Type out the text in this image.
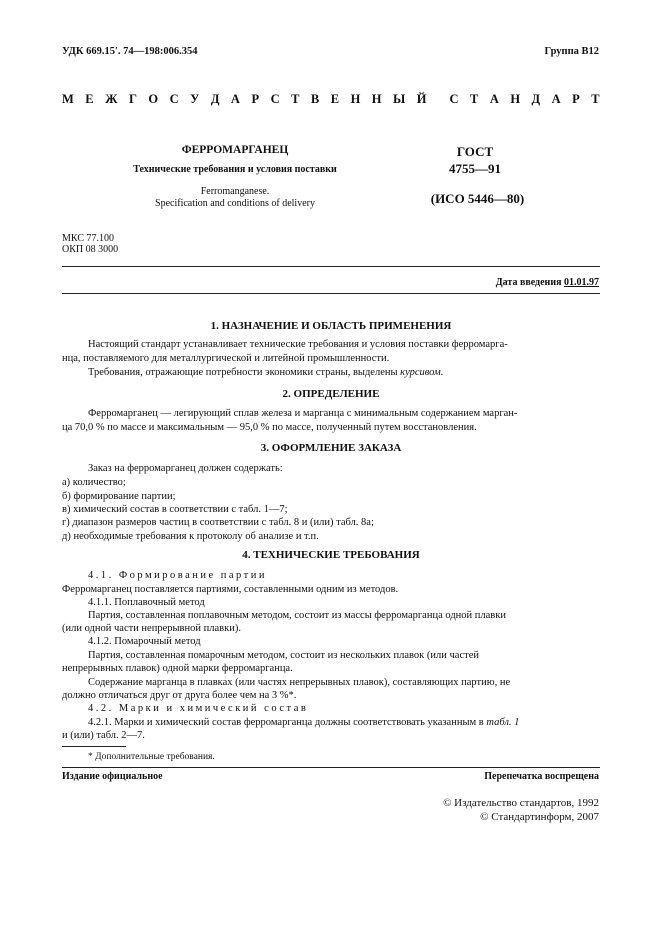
УДК 669.15′. 74—198:006.354	Группа В12
М Е Ж Г О С У Д А Р С Т В Е Н Н Ы Й С Т А Н Д А Р Т
ФЕРРОМАРГАНЕЦ
Технические требования и условия поставки
Ferromanganese.
Specification and conditions of delivery
ГОСТ
4755—91
(ИСО 5446—80)
МКС 77.100
ОКП 08 3000
Дата введения 01.01.97
1. НАЗНАЧЕНИЕ И ОБЛАСТЬ ПРИМЕНЕНИЯ
Настоящий стандарт устанавливает технические требования и условия поставки ферромарга-
нца, поставляемого для металлургической и литейной промышленности.
Требования, отражающие потребности экономики страны, выделены курсивом.
2. ОПРЕДЕЛЕНИЕ
Ферромарганец — легирующий сплав железа и марганца с минимальным содержанием марган-
ца 70,0 % по массе и максимальным — 95,0 % по массе, полученный путем восстановления.
3. ОФОРМЛЕНИЕ ЗАКАЗА
Заказ на ферромарганец должен содержать:
а) количество;
б) формирование партии;
в) химический состав в соответствии с табл. 1—7;
г) диапазон размеров частиц в соответствии с табл. 8 и (или) табл. 8а;
д) необходимые требования к протоколу об анализе и т.п.
4. ТЕХНИЧЕСКИЕ ТРЕБОВАНИЯ
4.1. Формирование партии
Ферромарганец поставляется партиями, составленными одним из методов.
4.1.1. Поплавочный метод
Партия, составленная поплавочным методом, состоит из массы ферромарганца одной плавки
(или одной части непрерывной плавки).
4.1.2. Помарочный метод
Партия, составленная помарочным методом, состоит из нескольких плавок (или частей
непрерывных плавок) одной марки ферромарганца.
Содержание марганца в плавках (или частях непрерывных плавок), составляющих партию, не
должно отличаться друг от друга более чем на 3 %*.
4.2. Марки и химический состав
4.2.1. Марки и химический состав ферромарганца должны соответствовать указанным в табл. 1
и (или) табл. 2—7.
* Дополнительные требования.
Издание официальное	Перепечатка воспрещена
© Издательство стандартов, 1992
© Стандартинформ, 2007
